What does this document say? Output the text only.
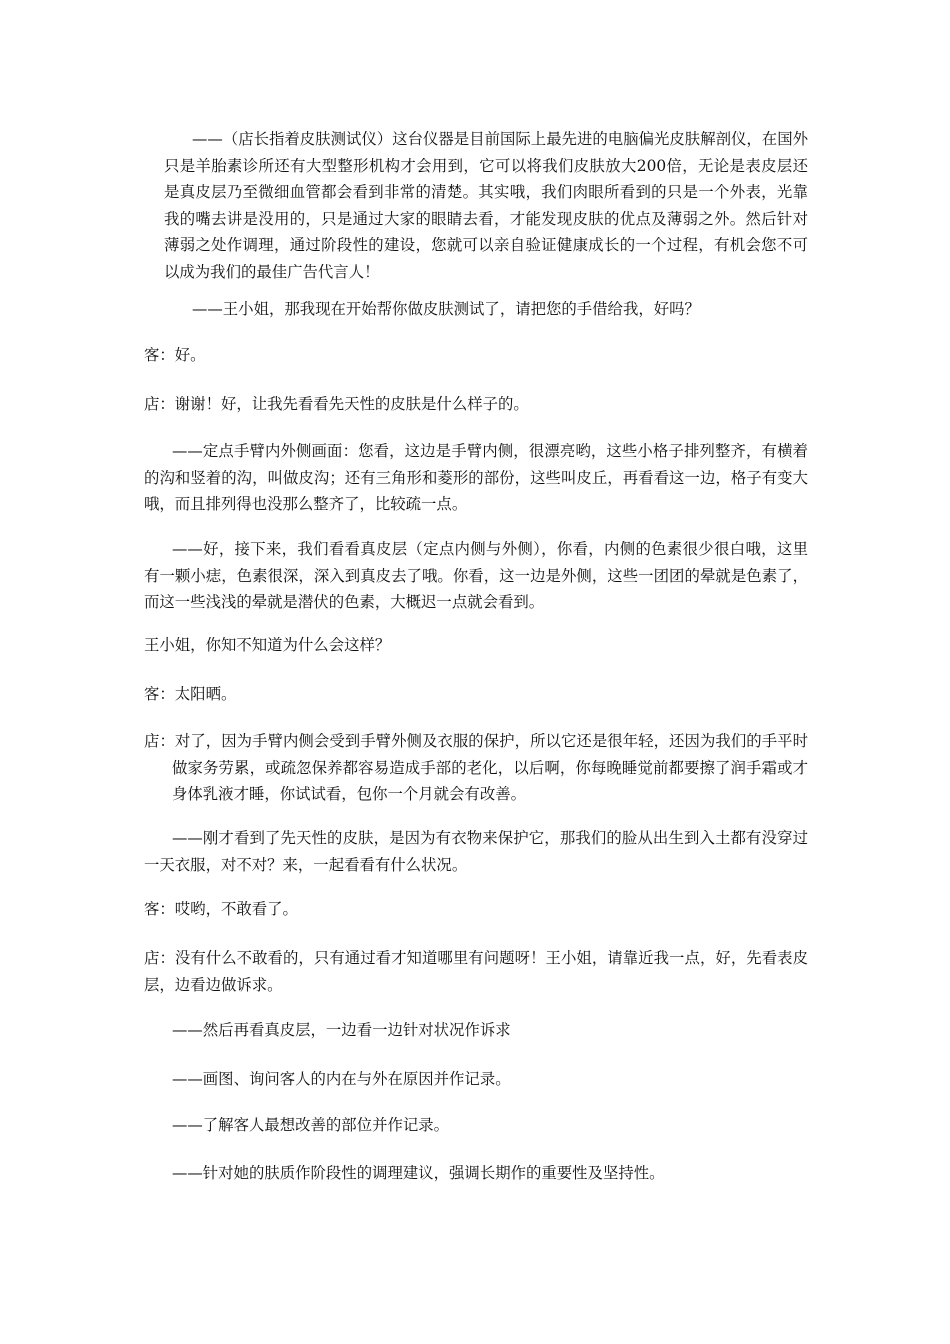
——（店长指着皮肤测试仪）这台仪器是目前国际上最先进的电脑偏光皮肤解剖仪，在国外只是羊胎素诊所还有大型整形机构才会用到，它可以将我们皮肤放大200倍，无论是表皮层还是真皮层乃至微细血管都会看到非常的清楚。其实哦，我们肉眼所看到的只是一个外表，光靠我的嘴去讲是没用的，只是通过大家的眼睛去看，才能发现皮肤的优点及薄弱之外。然后针对薄弱之处作调理，通过阶段性的建设，您就可以亲自验证健康成长的一个过程，有机会您不可以成为我们的最佳广告代言人！

——王小姐，那我现在开始帮你做皮肤测试了，请把您的手借给我，好吗？

客：好。

店：谢谢！好，让我先看看先天性的皮肤是什么样子的。

——定点手臂内外侧画面：您看，这边是手臂内侧，很漂亮哟，这些小格子排列整齐，有横着的沟和竖着的沟，叫做皮沟；还有三角形和菱形的部份，这些叫皮丘，再看看这一边，格子有变大哦，而且排列得也没那么整齐了，比较疏一点。

——好，接下来，我们看看真皮层（定点内侧与外侧），你看，内侧的色素很少很白哦，这里有一颗小痣，色素很深，深入到真皮去了哦。你看，这一边是外侧，这些一团团的晕就是色素了，而这一些浅浅的晕就是潜伏的色素，大概迟一点就会看到。

王小姐，你知不知道为什么会这样？

客：太阳晒。

店：对了，因为手臂内侧会受到手臂外侧及衣服的保护，所以它还是很年轻，还因为我们的手平时做家务劳累，或疏忽保养都容易造成手部的老化，以后啊，你每晚睡觉前都要擦了润手霜或才身体乳液才睡，你试试看，包你一个月就会有改善。

——刚才看到了先天性的皮肤，是因为有衣物来保护它，那我们的脸从出生到入土都有没穿过一天衣服，对不对？来，一起看看有什么状况。

客：哎哟，不敢看了。

店：没有什么不敢看的，只有通过看才知道哪里有问题呀！王小姐，请靠近我一点，好，先看表皮层，边看边做诉求。

——然后再看真皮层，一边看一边针对状况作诉求

——画图、询问客人的内在与外在原因并作记录。

——了解客人最想改善的部位并作记录。

——针对她的肤质作阶段性的调理建议，强调长期作的重要性及坚持性。
